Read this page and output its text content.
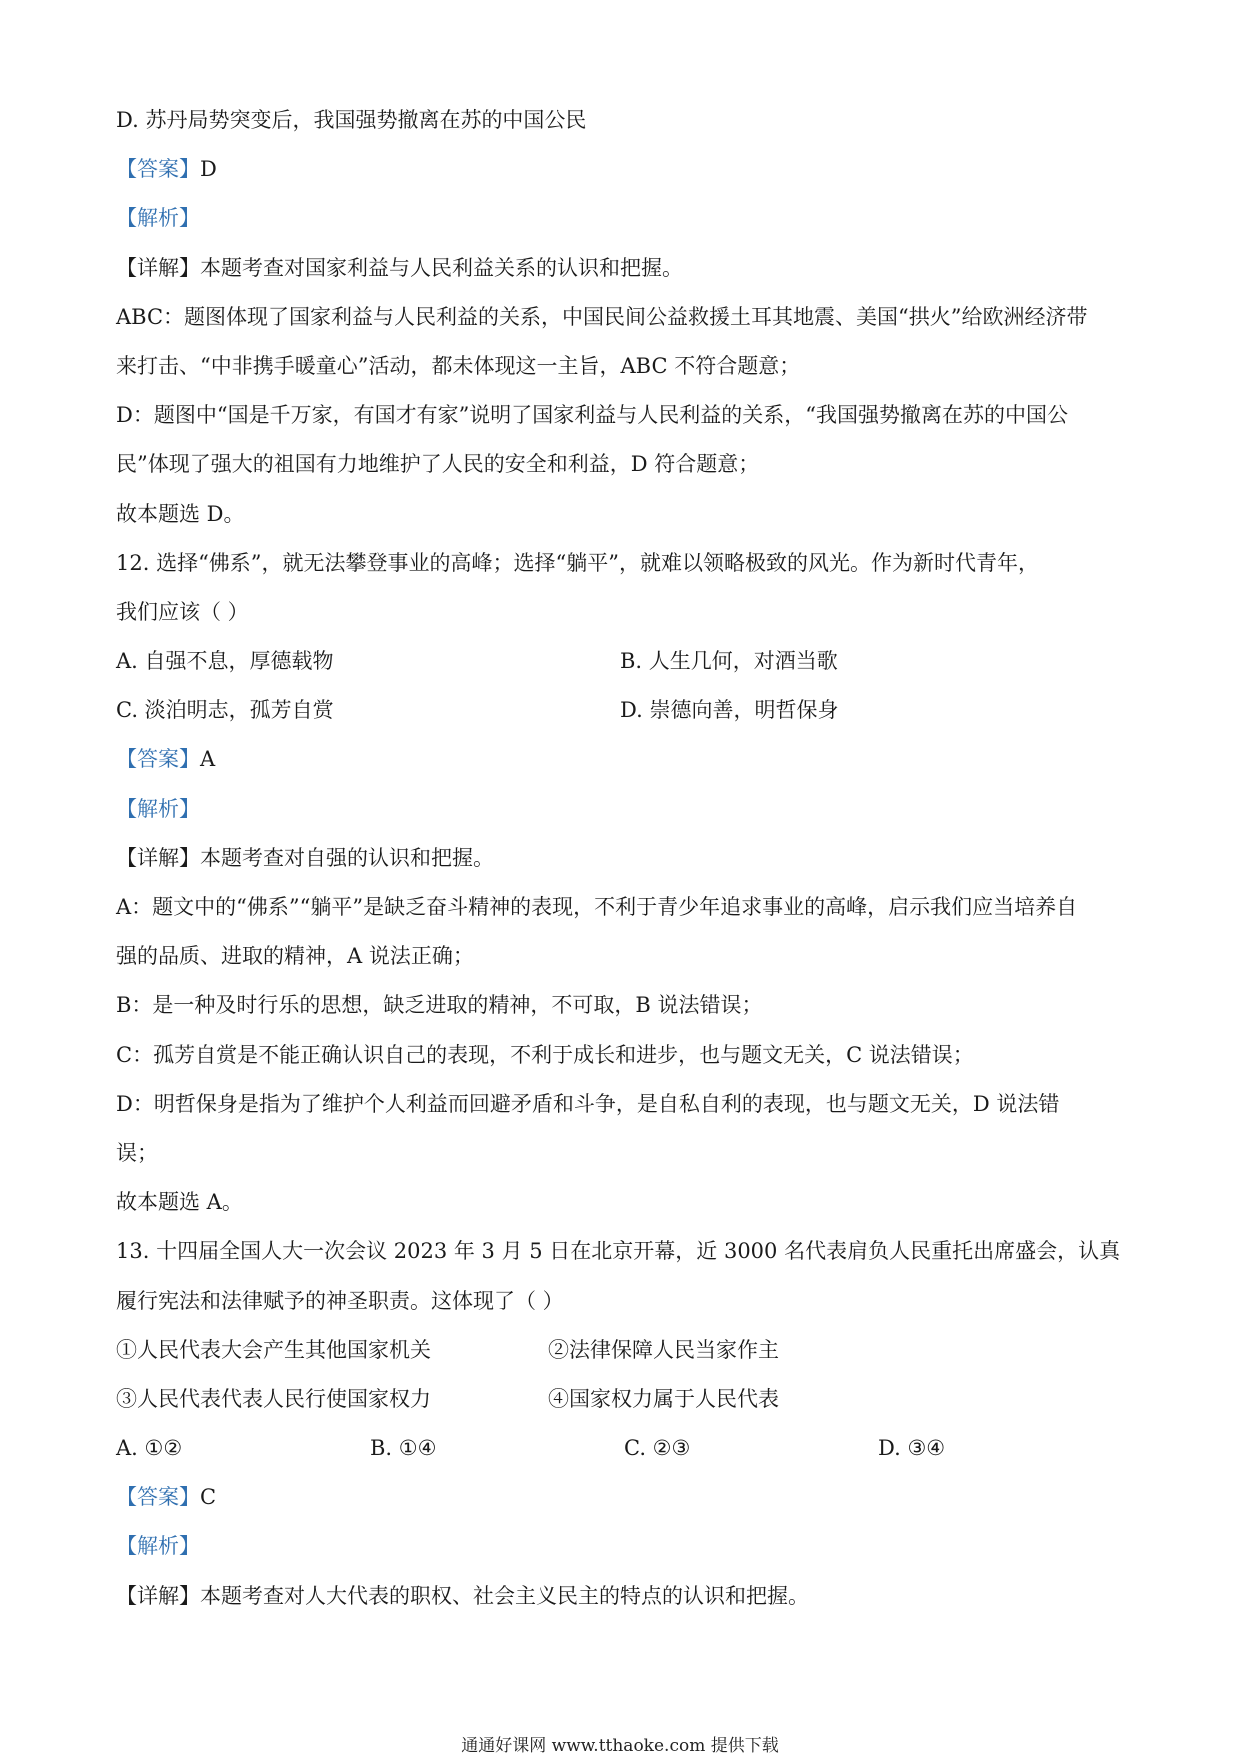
D. 苏丹局势突变后，我国强势撤离在苏的中国公民
【答案】D
【解析】
【详解】本题考查对国家利益与人民利益关系的认识和把握。
ABC：题图体现了国家利益与人民利益的关系，中国民间公益救援土耳其地震、美国“拱火”给欧洲经济带
来打击、“中非携手暖童心”活动，都未体现这一主旨，ABC 不符合题意；
D：题图中“国是千万家，有国才有家”说明了国家利益与人民利益的关系，“我国强势撤离在苏的中国公
民”体现了强大的祖国有力地维护了人民的安全和利益，D 符合题意；
故本题选 D。
12. 选择“佛系”，就无法攀登事业的高峰；选择“躺平”，就难以领略极致的风光。作为新时代青年，
我们应该（ ）
A. 自强不息，厚德载物	B. 人生几何，对酒当歌
C. 淡泊明志，孤芳自赏	D. 崇德向善，明哲保身
【答案】A
【解析】
【详解】本题考查对自强的认识和把握。
A：题文中的“佛系”“躺平”是缺乏奋斗精神的表现，不利于青少年追求事业的高峰，启示我们应当培养自
强的品质、进取的精神，A 说法正确；
B：是一种及时行乐的思想，缺乏进取的精神，不可取，B 说法错误；
C：孤芳自赏是不能正确认识自己的表现，不利于成长和进步，也与题文无关，C 说法错误；
D：明哲保身是指为了维护个人利益而回避矛盾和斗争，是自私自利的表现，也与题文无关，D 说法错
误；
故本题选 A。
13. 十四届全国人大一次会议 2023 年 3 月 5 日在北京开幕，近 3000 名代表肩负人民重托出席盛会，认真
履行宪法和法律赋予的神圣职责。这体现了（ ）
①人民代表大会产生其他国家机关	②法律保障人民当家作主
③人民代表代表人民行使国家权力	④国家权力属于人民代表
A. ①②	B. ①④	C. ②③	D. ③④
【答案】C
【解析】
【详解】本题考查对人大代表的职权、社会主义民主的特点的认识和把握。
通通好课网 www.tthaoke.com 提供下载
